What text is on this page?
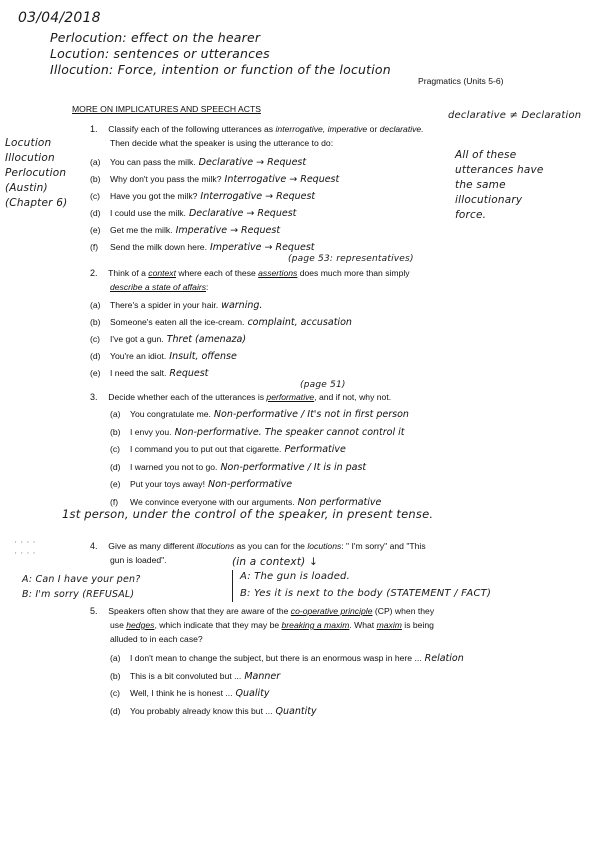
03/04/2018
Perlocution: effect on the hearer
Locution: sentences or utterances
Illocution: Force, intention or function of the locution
Pragmatics (Units 5-6)
MORE ON IMPLICATURES AND SPEECH ACTS
declarative ≠ Declaration
Locution
Illocution
Perlocution
(Austin)
(Chapter 6)
1. Classify each of the following utterances as interrogative, imperative or declarative.
Then decide what the speaker is using the utterance to do:
(a) You can pass the milk. Declarative → Request
(b) Why don't you pass the milk? Interrogative → Request
(c) Have you got the milk? Interrogative → Request
(d) I could use the milk. Declarative → Request
(e) Get me the milk. Imperative → Request
(f) Send the milk down here. Imperative → Request
All of these
utterances have
the same
illocutionary
force.
(page 53: representatives)
2. Think of a context where each of these assertions does much more than simply
describe a state of affairs:
(a) There's a spider in your hair. warning.
(b) Someone's eaten all the ice-cream. complaint, accusation
(c) I've got a gun. Thret (amenaza)
(d) You're an idiot. Insult, offense
(e) I need the salt. Request
(page 51)
3. Decide whether each of the utterances is performative, and if not, why not.
(a) You congratulate me. Non-performative / It's not in first person
(b) I envy you. Non-performative. The speaker cannot control it
(c) I command you to put out that cigarette. Performative
(d) I warned you not to go. Non-performative / It is in past
(e) Put your toys away! Non-performative
(f) We convince everyone with our arguments. Non performative
1st person, under the control of the speaker, in present tense.
· · · ·
· · · ·
4. Give as many different illocutions as you can for the locutions: " I'm sorry" and "This
gun is loaded".	(in a context) ↓
A: Can I have your pen?
B: I'm sorry (REFUSAL)
A: The gun is loaded.
B: Yes it is next to the body (STATEMENT / FACT)
5. Speakers often show that they are aware of the co-operative principle (CP) when they
use hedges, which indicate that they may be breaking a maxim. What maxim is being
alluded to in each case?
(a) I don't mean to change the subject, but there is an enormous wasp in here ... Relation
(b) This is a bit convoluted but ... Manner
(c) Well, I think he is honest ... Quality
(d) You probably already know this but ... Quantity
